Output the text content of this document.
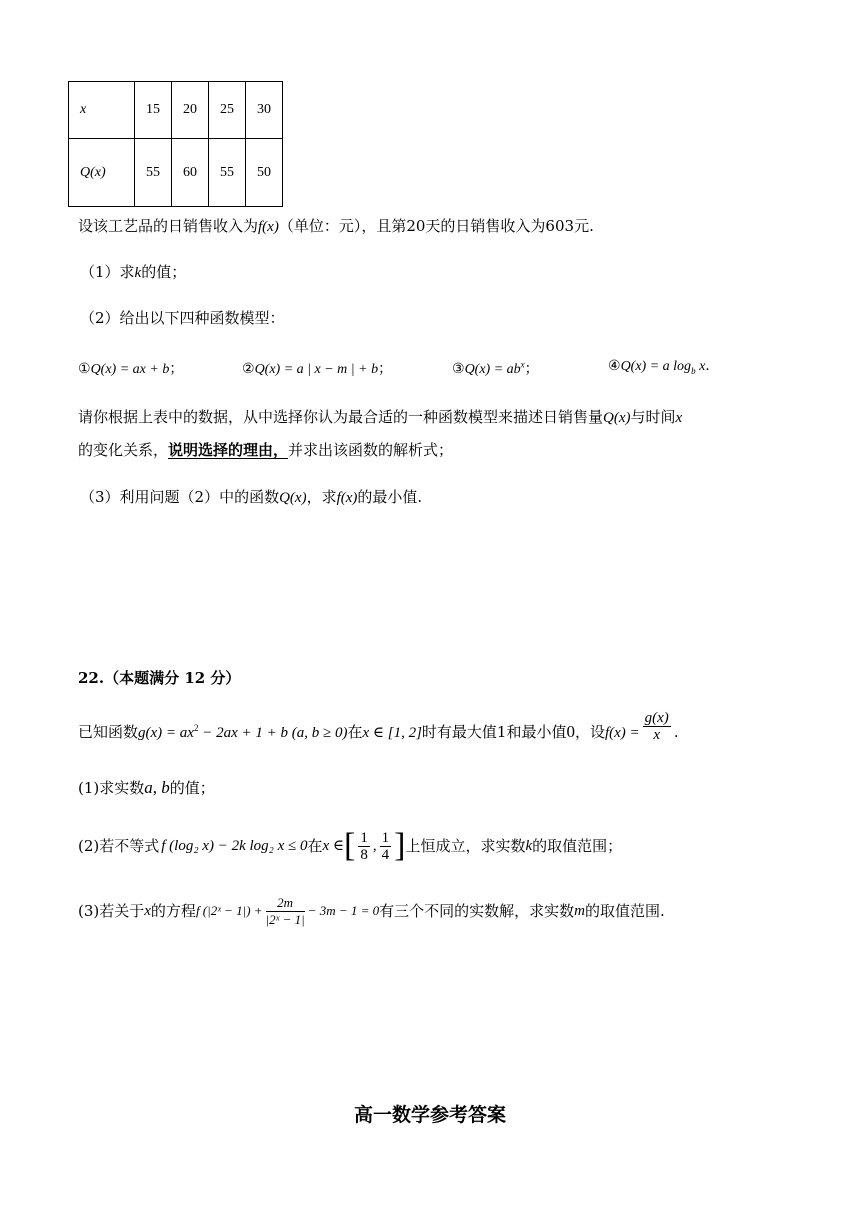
x	15	20	25	30
Q(x)	55	60	55	50
设该工艺品的日销售收入为f(x)（单位：元），且第20天的日销售收入为603元.
（1）求k的值；
（2）给出以下四种函数模型：
①Q(x) = ax + b；	②Q(x) = a | x − m | + b；	③Q(x) = $ab^x$；	④Q(x) = a $\log_b x$.
请你根据上表中的数据，从中选择你认为最合适的一种函数模型来描述日销售量Q(x)与时间x
的变化关系，说明选择的理由，并求出该函数的解析式；
（3）利用问题（2）中的函数Q(x)，求f(x)的最小值.
22.（本题满分 12 分）
已知函数$g(x) = ax^2 - 2ax + 1 + b$ (a, b ≥ 0)在x ∈ [1, 2]时有最大值1和最小值0，设$f(x) = \frac{g(x)}{x}$ .
(1)求实数a, b的值；
(2)若不等式 f (log₂ x) − 2k log₂ x ≤ 0 在 x ∈ [ $\frac{1}{8}$ , $\frac{1}{4}$ ] 上恒成立，求实数 k 的取值范围；
(3)若关于 x 的方程 f (|2ˣ − $1|) + \frac{2m}{\text{|2ˣ − 1|}} - 3m - 1 = 0$ 有三个不同的实数解，求实数 m 的取值范围.
高一数学参考答案
